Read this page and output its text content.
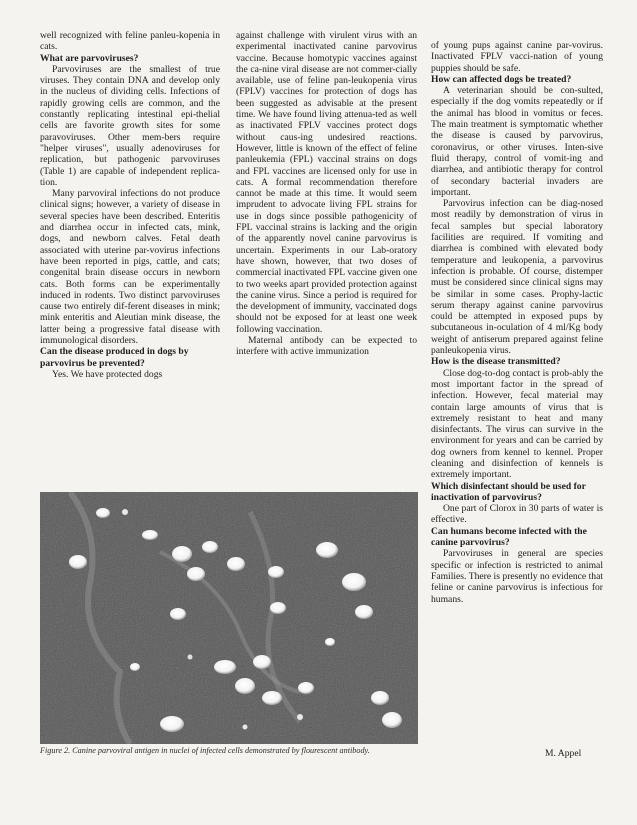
well recognized with feline panleu-kopenia in cats.

What are parvoviruses?

Parvoviruses are the smallest of true viruses. They contain DNA and develop only in the nucleus of dividing cells. Infections of rapidly growing cells are common, and the constantly replicating intestinal epi-thelial cells are favorite growth sites for some paravoviruses. Other mem-bers require "helper viruses", usually adenoviruses for replication, but pathogenic parvoviruses (Table 1) are capable of independent replica-tion.

Many parvoviral infections do not produce clinical signs; however, a variety of disease in several species have been described. Enteritis and diarrhea occur in infected cats, mink, dogs, and newborn calves. Fetal death associated with uterine par-vovirus infections have been reported in pigs, cattle, and cats; congenital brain disease occurs in newborn cats. Both forms can be experimentally induced in rodents. Two distinct parvoviruses cause two entirely dif-ferent diseases in mink; mink enteritis and Aleutian mink disease, the latter being a progressive fatal disease with immunological disorders.

Can the disease produced in dogs by parvovirus be prevented?

Yes. We have protected dogs

against challenge with virulent virus with an experimental inactivated canine parvovirus vaccine. Because homotypic vaccines against the ca-nine viral disease are not commer-cially available, use of feline pan-leukopenia virus (FPLV) vaccines for protection of dogs has been suggested as advisable at the present time. We have found living attenua-ted as well as inactivated FPLV vaccines protect dogs without caus-ing undesired reactions. However, little is known of the effect of feline panleukemia (FPL) vaccinal strains on dogs and FPL vaccines are licensed only for use in cats. A formal recommendation therefore cannot be made at this time. It would seem imprudent to advocate living FPL strains for use in dogs since possible pathogenicity of FPL vaccinal strains is lacking and the origin of the apparently novel canine parvovirus is uncertain. Experiments in our Lab-oratory have shown, however, that two doses of commercial inactivated FPL vaccine given one to two weeks apart provided protection against the canine virus. Since a period is required for the development of immunity, vaccinated dogs should not be exposed for at least one week following vaccination.

Maternal antibody can be expected to interfere with active immunization

of young pups against canine par-vovirus. Inactivated FPLV vacci-nation of young puppies should be safe.

How can affected dogs be treated?

A veterinarian should be con-sulted, especially if the dog vomits repeatedly or if the animal has blood in vomitus or feces. The main treatment is symptomatic whether the disease is caused by parvovirus, coronavirus, or other viruses. Inten-sive fluid therapy, control of vomit-ing and diarrhea, and antibiotic therapy for control of secondary bacterial invaders are important.

Parvovirus infection can be diag-nosed most readily by demonstration of virus in fecal samples but special laboratory facilities are required. If vomiting and diarrhea is combined with elevated body temperature and leukopenia, a parvovirus infection is probable. Of course, distemper must be considered since clinical signs may be similar in some cases. Prophy-lactic serum therapy against canine parvovirus could be attempted in exposed pups by subcutaneous in-oculation of 4 ml/Kg body weight of antiserum prepared against feline panleukopenia virus.

How is the disease transmitted?

Close dog-to-dog contact is prob-ably the most important factor in the spread of infection. However, fecal material may contain large amounts of virus that is extremely resistant to heat and many disinfectants. The virus can survive in the environment for years and can be carried by dog owners from kennel to kennel. Proper cleaning and disinfection of kennels is extremely important.

Which disinfectant should be used for inactivation of parvovirus?

One part of Clorox in 30 parts of water is effective.

Can humans become infected with the canine parvovirus?

Parvoviruses in general are species specific or infection is restricted to animal Families. There is presently no evidence that feline or canine parvovirus is infectious for humans.

Figure 2. Canine parvoviral antigen in nuclei of infected cells demonstrated by flourescent antibody.	M. Appel
